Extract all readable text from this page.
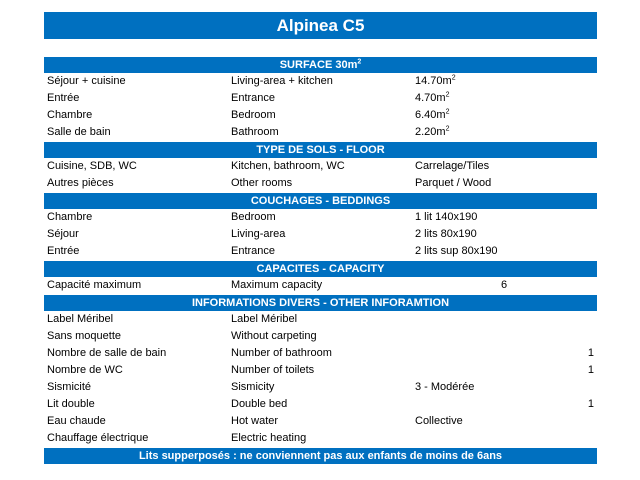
Alpinea C5
SURFACE $30m^2$
Séjour + cuisine	Living-area + kitchen	$14.70m^2$
Entrée	Entrance	$4.70m^2$
Chambre	Bedroom	$6.40m^2$
Salle de bain	Bathroom	$2.20m^2$
TYPE DE SOLS - FLOOR
Cuisine, SDB, WC	Kitchen, bathroom, WC	Carrelage/Tiles
Autres pièces	Other rooms	Parquet / Wood
COUCHAGES - BEDDINGS
Chambre	Bedroom	1 lit 140x190
Séjour	Living-area	2 lits 80x190
Entrée	Entrance	2 lits sup 80x190
CAPACITES - CAPACITY
Capacité maximum	Maximum capacity	6
INFORMATIONS DIVERS - OTHER INFORAMTION
Label Méribel	Label Méribel
Sans moquette	Without carpeting
Nombre de salle de bain	Number of bathroom	1
Nombre de WC	Number of toilets	1
Sismicité	Sismicity	3 - Modérée
Lit double	Double bed	1
Eau chaude	Hot water	Collective
Chauffage électrique	Electric heating
Lits supperposés : ne conviennent pas aux enfants de moins de 6ans
